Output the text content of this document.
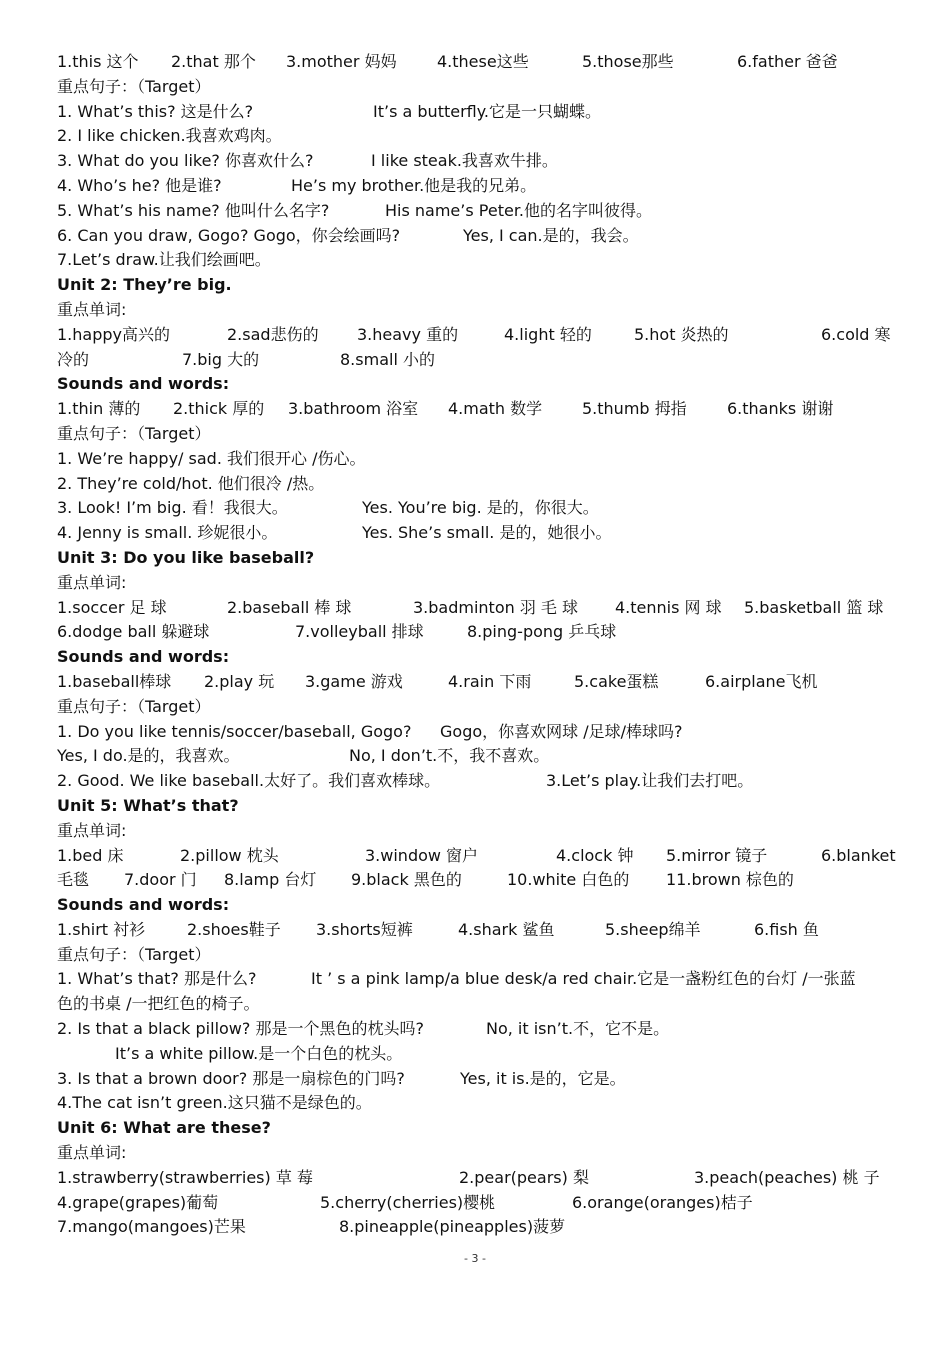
1.this 这个 2.that 那个 3.mother 妈妈	4.these这些	5.those那些	6.father 爸爸
重点句子：（Target）
1. What’s this? 这是什么?	It’s a butterfly.它是一只蝴蝶。
2. I like chicken.我喜欢鸡肉。
3. What do you like? 你喜欢什么?	I like steak.我喜欢牛排。
4. Who’s he? 他是谁?	He’s my brother.他是我的兄弟。
5. What’s his name? 他叫什么名字?	His name’s Peter.他的名字叫彼得。
6. Can you draw, Gogo? Gogo，你会绘画吗?	Yes, I can.是的，我会。
7.Let’s draw.让我们绘画吧。
Unit 2: They’re big.
重点单词:
1.happy高兴的	2.sad悲伤的 3.heavy 重的	4.light 轻的	5.hot 炎热的	6.cold 寒
冷的	7.big 大的	8.small 小的
Sounds and words:
1.thin 薄的 2.thick 厚的 3.bathroom 浴室 4.math 数学 5.thumb 拇指	6.thanks 谢谢
重点句子：（Target）
1. We’re happy/ sad. 我们很开心 /伤心。
2. They’re cold/hot. 他们很冷 /热。
3. Look! I’m big. 看！我很大。	Yes. You’re big. 是的，你很大。
4. Jenny is small. 珍妮很小。	Yes. She’s small. 是的，她很小。
Unit 3: Do you like baseball?
重点单词:
1.soccer 足 球	2.baseball 棒 球	3.badminton 羽 毛 球 4.tennis 网 球 5.basketball 篮 球
6.dodge ball 躲避球	7.volleyball 排球	8.ping-pong 乒乓球
Sounds and words:
1.baseball棒球 2.play 玩 3.game 游戏	4.rain 下雨	5.cake蛋糕	6.airplane飞机
重点句子：（Target）
1. Do you like tennis/soccer/baseball, Gogo? Gogo，你喜欢网球 /足球/棒球吗?
Yes, I do.是的，我喜欢。	No, I don’t.不，我不喜欢。
2. Good. We like baseball.太好了。我们喜欢棒球。	3.Let’s play.让我们去打吧。
Unit 5: What’s that?
重点单词:
1.bed 床	2.pillow 枕头	3.window 窗户	4.clock 钟 5.mirror 镜子	6.blanket
毛毯 7.door 门 8.lamp 台灯 9.black 黑色的	10.white 白色的 11.brown 棕色的
Sounds and words:
1.shirt 衬衫	2.shoes鞋子 3.shorts短裤	4.shark 鲨鱼	5.sheep绵羊	6.fish 鱼
重点句子：（Target）
1. What’s that? 那是什么?	It ’ s a pink lamp/a blue desk/a red chair.它是一盏粉红色的台灯 /一张蓝
色的书桌 /一把红色的椅子。
2. Is that a black pillow? 那是一个黑色的枕头吗?	No, it isn’t.不，它不是。
It’s a white pillow.是一个白色的枕头。
3. Is that a brown door? 那是一扇棕色的门吗?	Yes, it is.是的，它是。
4.The cat isn’t green.这只猫不是绿色的。
Unit 6: What are these?
重点单词:
1.strawberry(strawberries) 草 莓	2.pear(pears) 梨	3.peach(peaches) 桃 子
4.grape(grapes)葡萄	5.cherry(cherries)樱桃	6.orange(oranges)桔子
7.mango(mangoes)芒果	8.pineapple(pineapples)菠萝
- 3 -
